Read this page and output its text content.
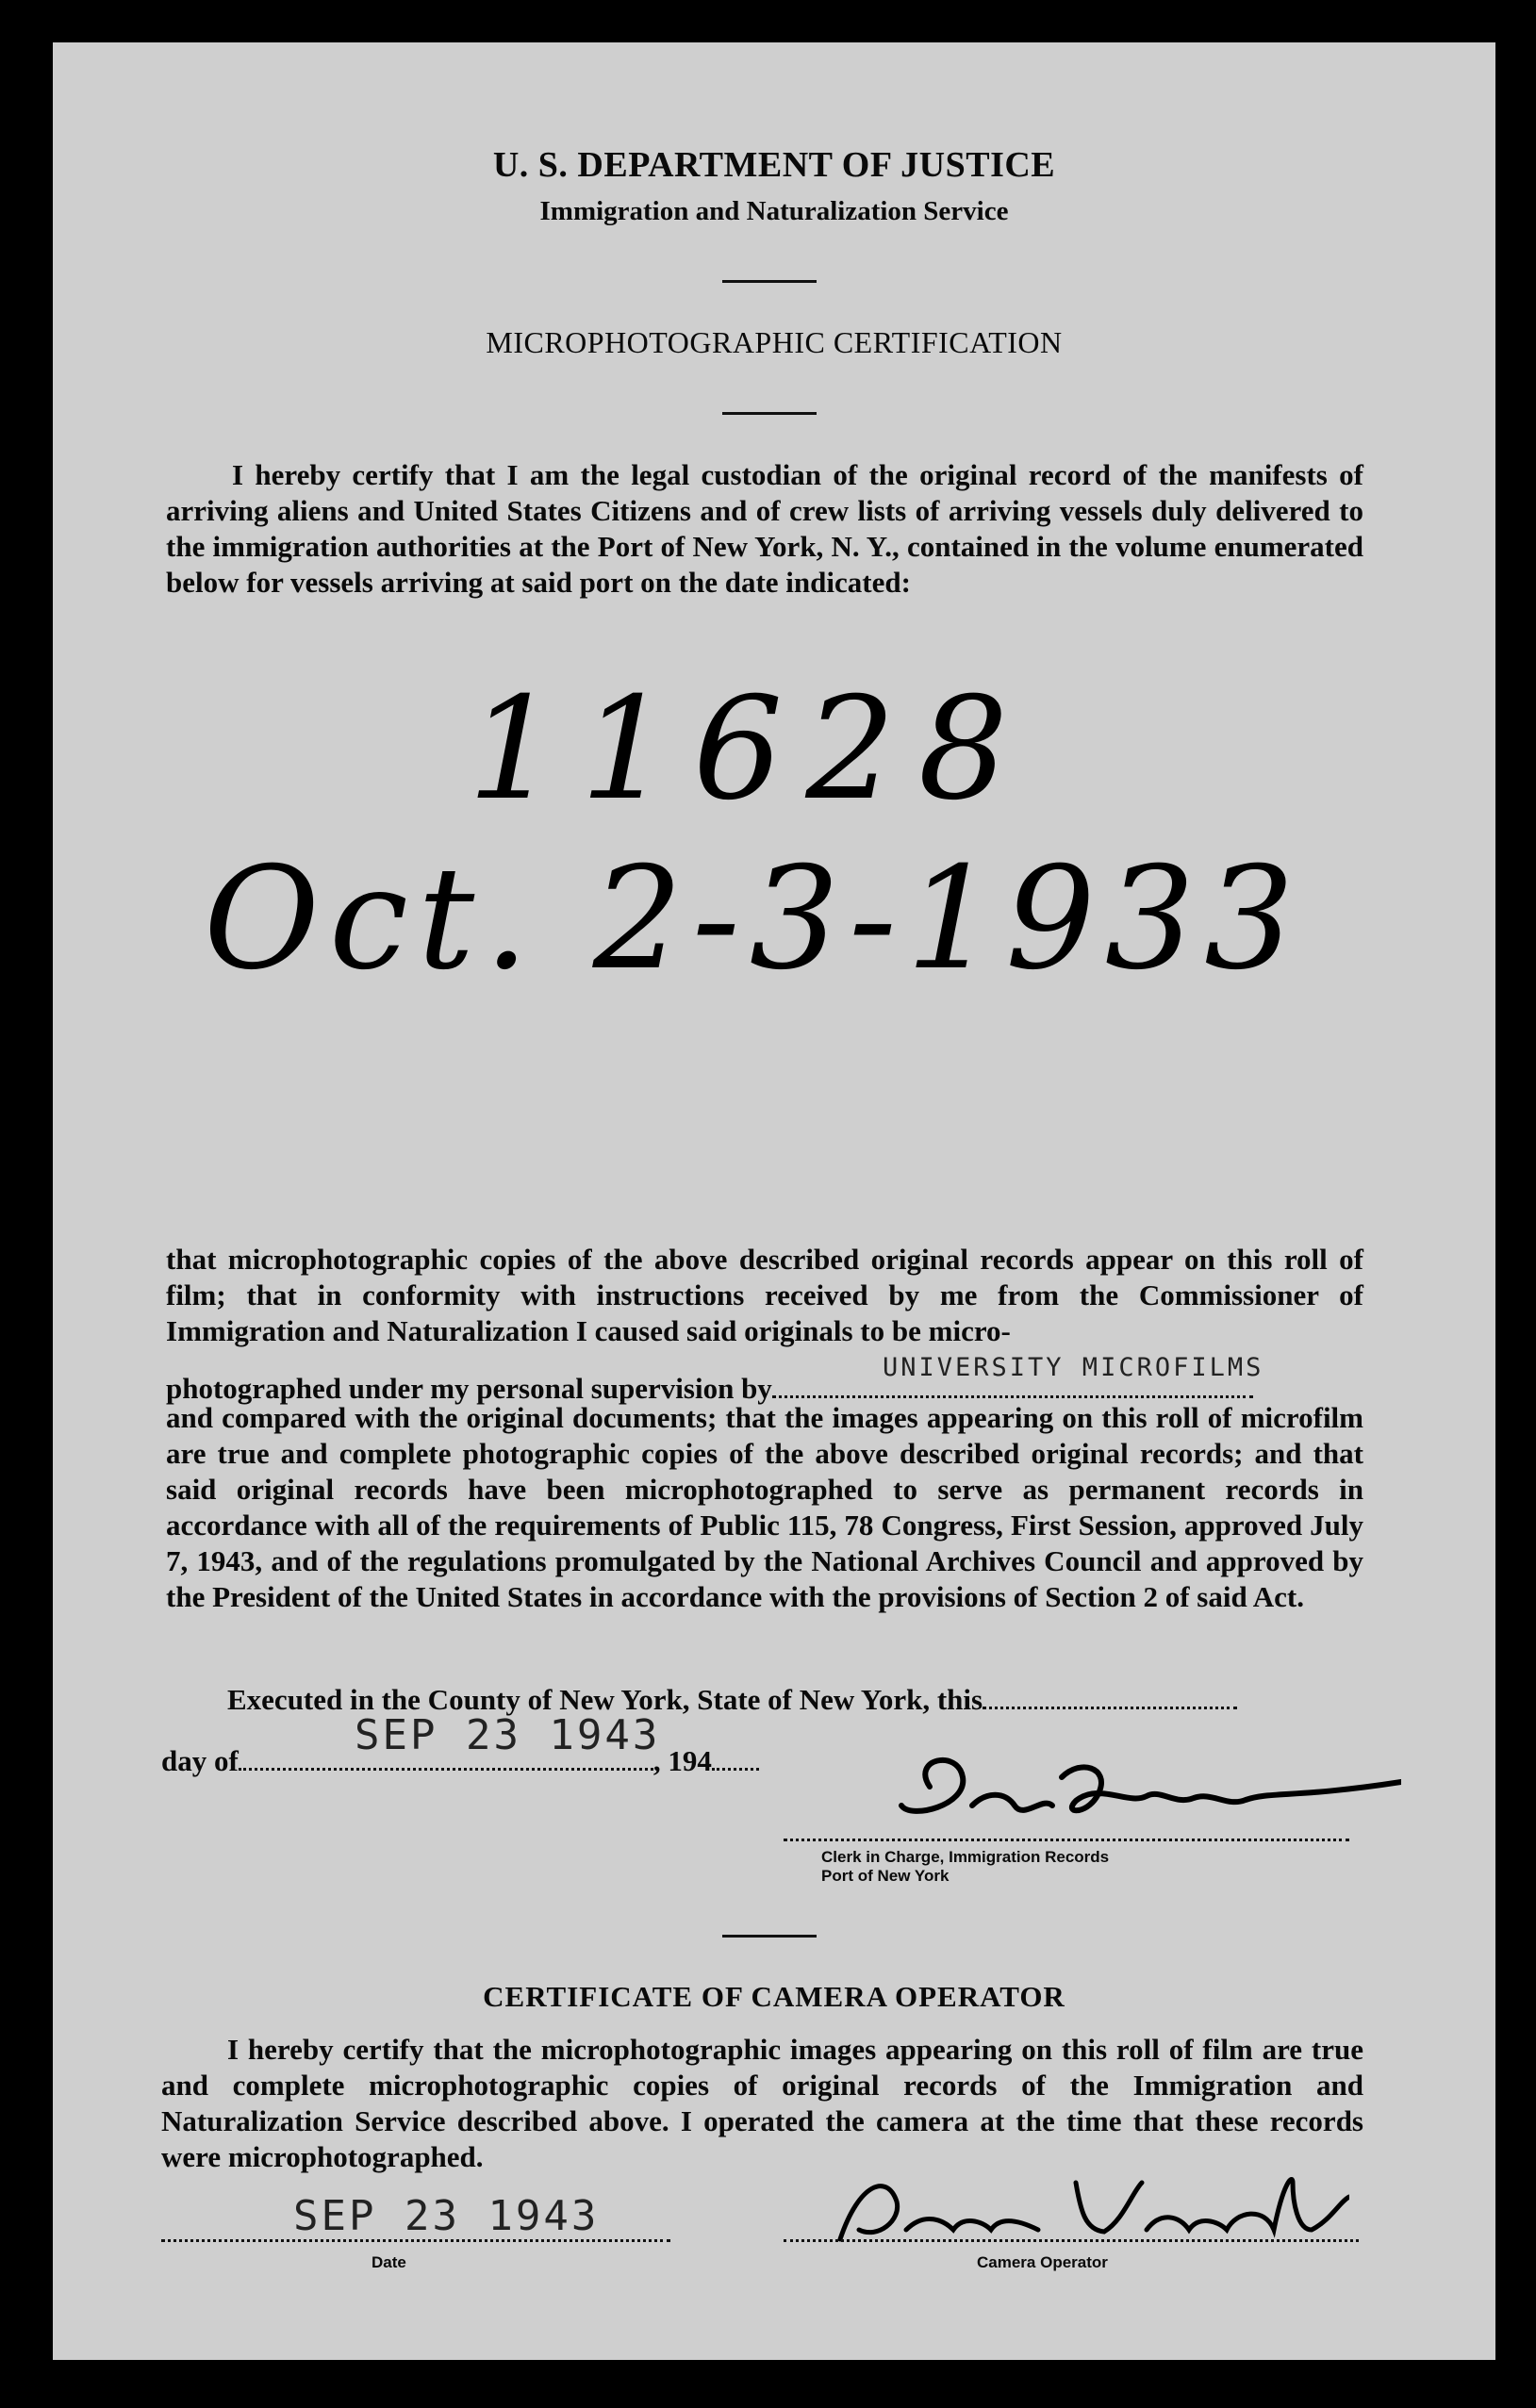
U. S. DEPARTMENT OF JUSTICE
Immigration and Naturalization Service
MICROPHOTOGRAPHIC CERTIFICATION
I hereby certify that I am the legal custodian of the original record of the manifests of arriving aliens and United States Citizens and of crew lists of arriving vessels duly delivered to the immigration authorities at the Port of New York, N. Y., contained in the volume enumerated below for vessels arriving at said port on the date indicated:
11628
Oct. 2-3-1933
that microphotographic copies of the above described original records appear on this roll of film; that in conformity with instructions received by me from the Commissioner of Immigration and Naturalization I caused said originals to be micro-
photographed under my personal supervision by
UNIVERSITY MICROFILMS
and compared with the original documents; that the images appearing on this roll of microfilm are true and complete photographic copies of the above described original records; and that said original records have been microphotographed to serve as permanent records in accordance with all of the requirements of Public 115, 78 Congress, First Session, approved July 7, 1943, and of the regulations promulgated by the National Archives Council and approved by the President of the United States in accordance with the provisions of Section 2 of said Act.
Executed in the County of New York, State of New York, this
day of	, 194
SEP 23 1943
Clerk in Charge, Immigration Records
Port of New York
CERTIFICATE OF CAMERA OPERATOR
I hereby certify that the microphotographic images appearing on this roll of film are true and complete microphotographic copies of original records of the Immigration and Naturalization Service described above. I operated the camera at the time that these records were microphotographed.
SEP 23 1943
Date	Camera Operator
